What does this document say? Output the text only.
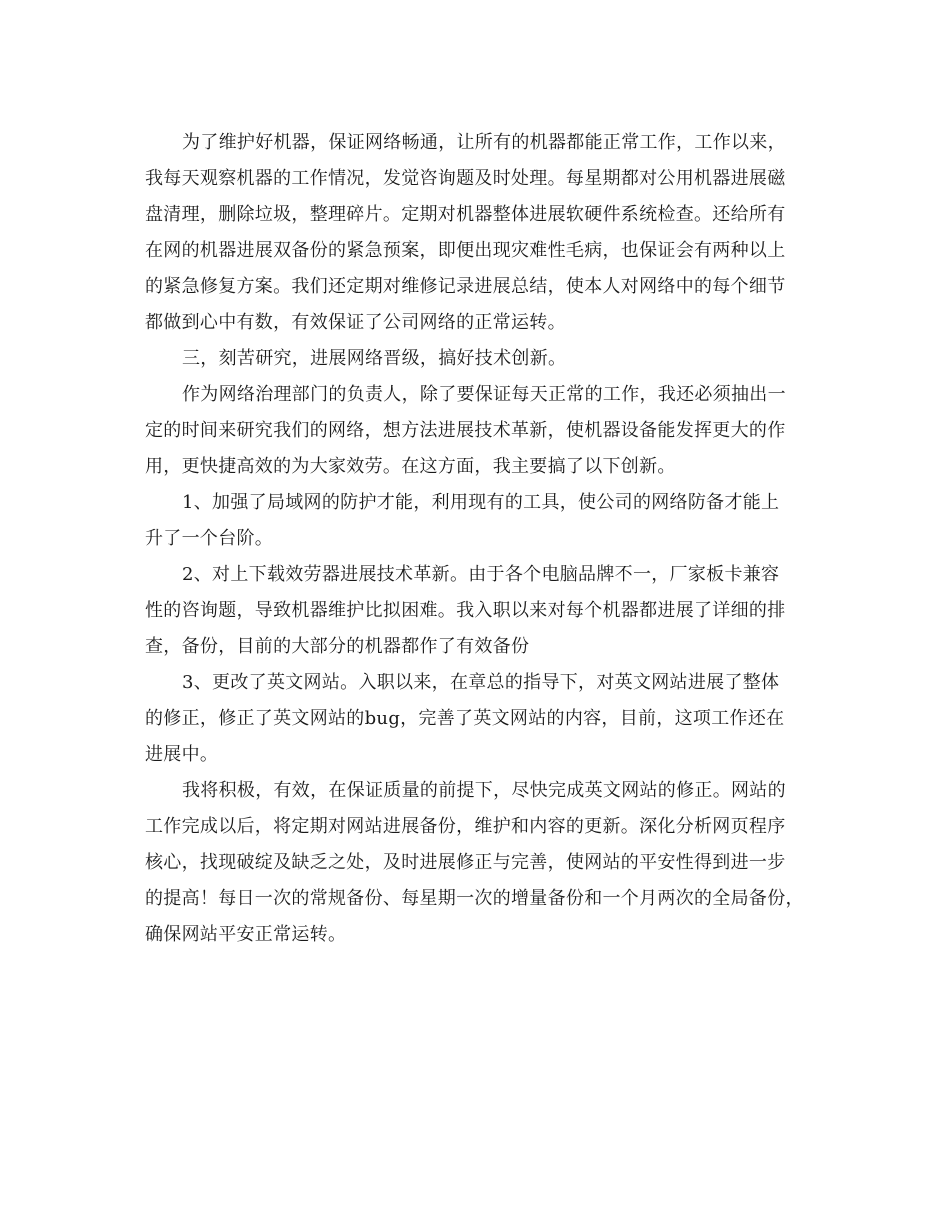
为了维护好机器，保证网络畅通，让所有的机器都能正常工作，工作以来，
我每天观察机器的工作情况，发觉咨询题及时处理。每星期都对公用机器进展磁
盘清理，删除垃圾，整理碎片。定期对机器整体进展软硬件系统检查。还给所有
在网的机器进展双备份的紧急预案，即便出现灾难性毛病，也保证会有两种以上
的紧急修复方案。我们还定期对维修记录进展总结，使本人对网络中的每个细节
都做到心中有数，有效保证了公司网络的正常运转。
三，刻苦研究，进展网络晋级，搞好技术创新。
作为网络治理部门的负责人，除了要保证每天正常的工作，我还必须抽出一
定的时间来研究我们的网络，想方法进展技术革新，使机器设备能发挥更大的作
用，更快捷高效的为大家效劳。在这方面，我主要搞了以下创新。
1、加强了局域网的防护才能，利用现有的工具，使公司的网络防备才能上
升了一个台阶。
2、对上下载效劳器进展技术革新。由于各个电脑品牌不一，厂家板卡兼容
性的咨询题，导致机器维护比拟困难。我入职以来对每个机器都进展了详细的排
查，备份，目前的大部分的机器都作了有效备份
3、更改了英文网站。入职以来，在章总的指导下，对英文网站进展了整体
的修正，修正了英文网站的bug，完善了英文网站的内容，目前，这项工作还在
进展中。
我将积极，有效，在保证质量的前提下，尽快完成英文网站的修正。网站的
工作完成以后，将定期对网站进展备份，维护和内容的更新。深化分析网页程序
核心，找现破绽及缺乏之处，及时进展修正与完善，使网站的平安性得到进一步
的提高！每日一次的常规备份、每星期一次的增量备份和一个月两次的全局备份，
确保网站平安正常运转。
